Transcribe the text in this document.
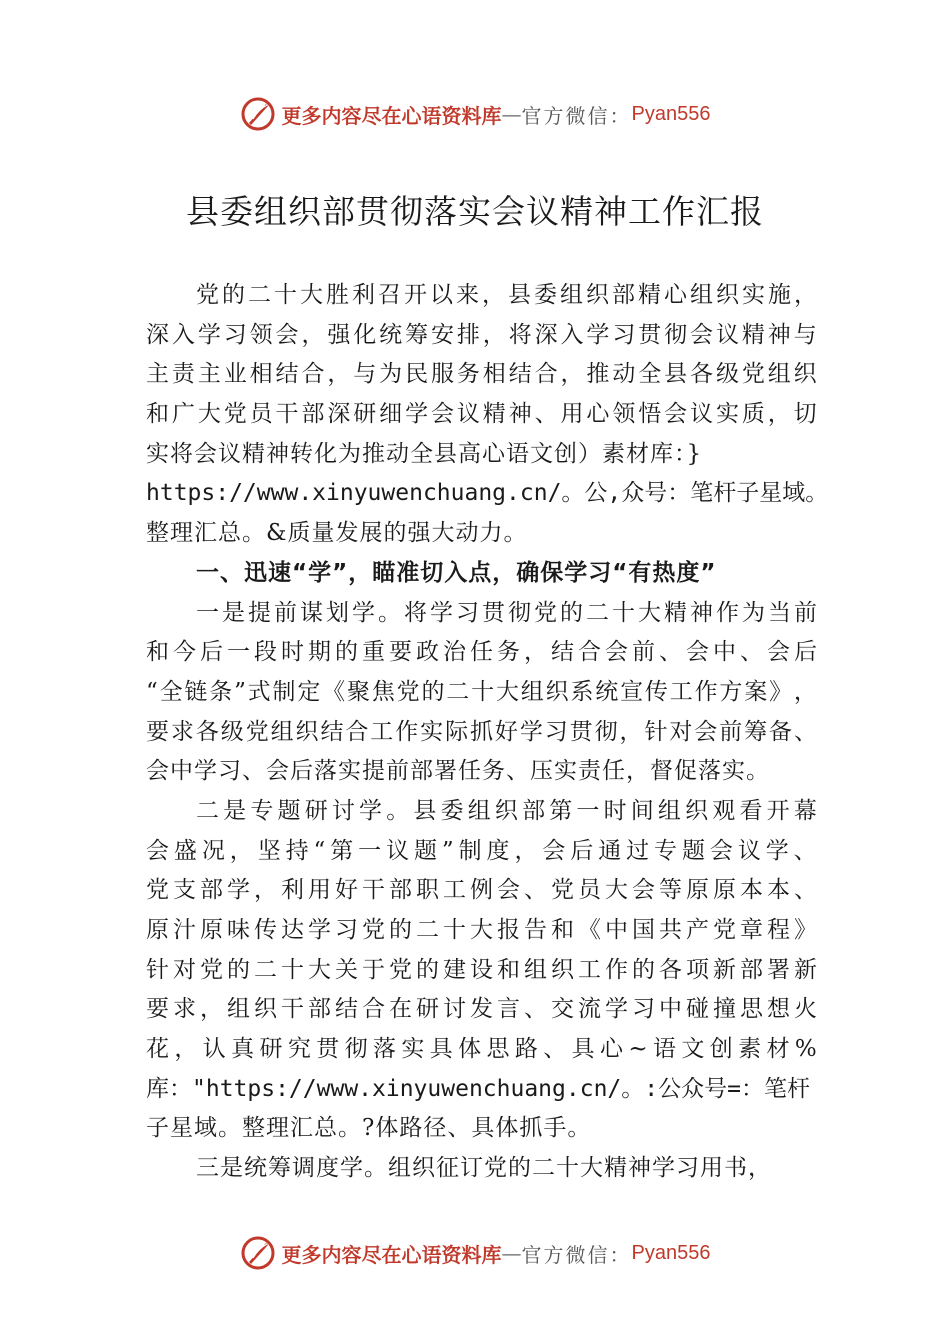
更多内容尽在心语资料库 — 官方微信： Pyan556
县委组织部贯彻落实会议精神工作汇报
党 的 二 十 大 胜 利 召 开 以 来 ， 县 委 组 织 部 精 心 组 织 实 施 ，
深 入 学 习 领 会 ， 强 化 统 筹 安 排 ， 将 深 入 学 习 贯 彻 会 议 精 神 与
主 责 主 业 相 结 合 ， 与 为 民 服 务 相 结 合 ， 推 动 全 县 各 级 党 组 织
和 广 大 党 员 干 部 深 研 细 学 会 议 精 神 、 用 心 领 悟 会 议 实 质 ， 切
实将会议精神转化为推动全县高心语文创）素材库：}
https://www.xinyuwenchuang.cn/。公,众号：笔杆子星域。
整理汇总。&质量发展的强大动力。
一、迅速“学”，瞄准切入点，确保学习“有热度”
一 是 提 前 谋 划 学 。 将 学 习 贯 彻 党 的 二 十 大 精 神 作 为 当 前
和 今 后 一 段 时 期 的 重 要 政 治 任 务 ， 结 合 会 前 、 会 中 、 会 后
“ 全 链 条 ” 式 制 定 《 聚 焦 党 的 二 十 大 组 织 系 统 宣 传 工 作 方 案 》 ，
要 求 各 级 党 组 织 结 合 工 作 实 际 抓 好 学 习 贯 彻 ， 针 对 会 前 筹 备 、
会中学习、会后落实提前部署任务、压实责任，督促落实。
二 是 专 题 研 讨 学 。 县 委 组 织 部 第 一 时 间 组 织 观 看 开 幕
会 盛 况 ， 坚 持 “ 第 一 议 题 ” 制 度 ， 会 后 通 过 专 题 会 议 学 、
党 支 部 学 ， 利 用 好 干 部 职 工 例 会 、 党 员 大 会 等 原 原 本 本 、
原 汁 原 味 传 达 学 习 党 的 二 十 大 报 告 和 《 中 国 共 产 党 章 程 》
针 对 党 的 二 十 大 关 于 党 的 建 设 和 组 织 工 作 的 各 项 新 部 署 新
要 求 ， 组 织 干 部 结 合 在 研 讨 发 言 、 交 流 学 习 中 碰 撞 思 想 火
花 ， 认 真 研 究 贯 彻 落 实 具 体 思 路 、 具 心 ~ 语 文 创 素 材 %
库："https://www.xinyuwenchuang.cn/。:公众号=：笔杆
子星域。整理汇总。?体路径、具体抓手。
三是统筹调度学。组织征订党的二十大精神学习用书，
更多内容尽在心语资料库 — 官方微信： Pyan556
